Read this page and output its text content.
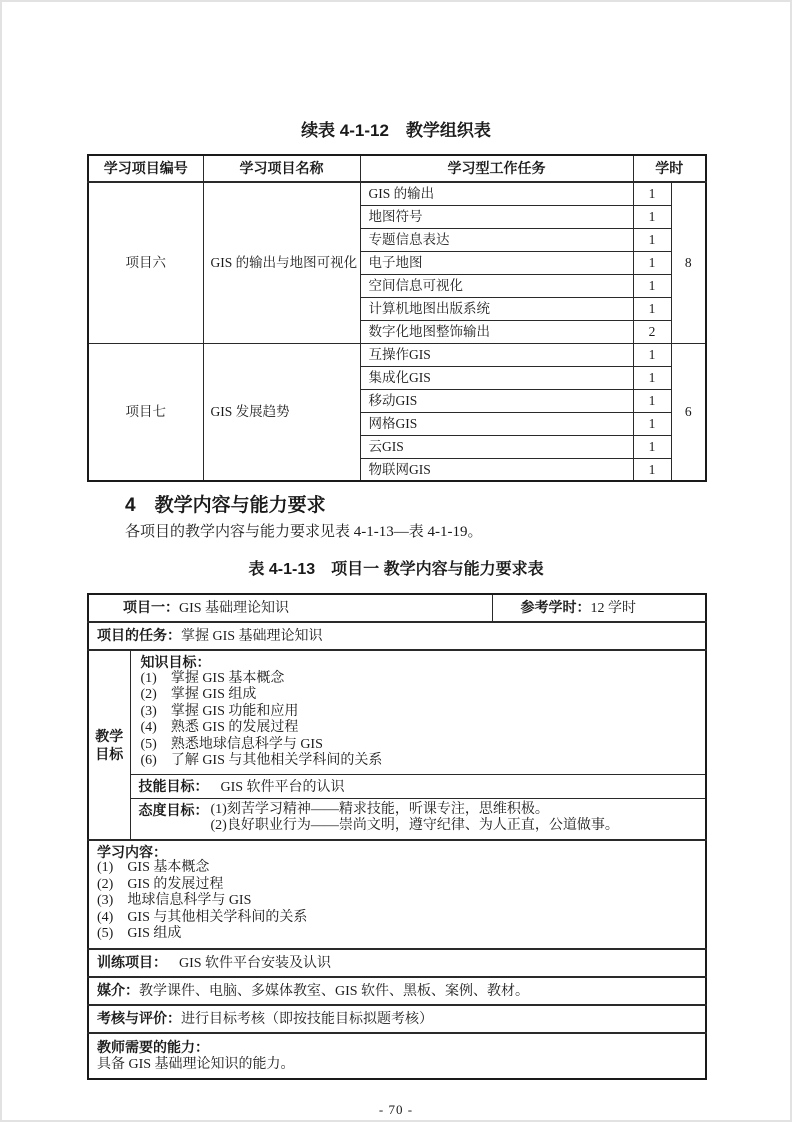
续表 4-1-12　教学组织表
学习项目编号	学习项目名称	学习型工作任务	学时	
项目六	GIS 的输出与地图可视化	GIS 的输出	1	8
		地图符号	1	
		专题信息表达	1	
		电子地图	1	
		空间信息可视化	1	
		计算机地图出版系统	1	
		数字化地图整饰输出	2	
项目七	GIS 发展趋势	互操作GIS	1	6
		集成化GIS	1	
		移动GIS	1	
		网格GIS	1	
		云GIS	1	
		物联网GIS	1	
4　教学内容与能力要求

各项目的教学内容与能力要求见表 4-1-13—表 4-1-19。

表 4-1-13　项目一 教学内容与能力要求表
项目一：GIS 基础理论知识		参考学时：12 学时
项目的任务：掌握 GIS 基础理论知识		

教学
目标

知识目标：
(1)　掌握 GIS 基本概念
(2)　掌握 GIS 组成
(3)　掌握 GIS 功能和应用
(4)　熟悉 GIS 的发展过程
(5)　熟悉地球信息科学与 GIS
(6)　了解 GIS 与其他相关学科间的关系

	技能目标： GIS 软件平台的认识	

	态度目标： (1)刻苦学习精神——精求技能，听课专注，思维积极。
(2)良好职业行为——崇尚文明，遵守纪律、为人正直，公道做事。	

学习内容：
(1)　GIS 基本概念
(2)　GIS 的发展过程
(3)　地球信息科学与 GIS
(4)　GIS 与其他相关学科间的关系
(5)　GIS 组成

训练项目： GIS 软件平台安装及认识		
媒介：教学课件、电脑、多媒体教室、GIS 软件、黑板、案例、教材。		
考核与评价：进行目标考核（即按技能目标拟题考核）		

教师需要的能力：
具备 GIS 基础理论知识的能力。		
- 70 -
